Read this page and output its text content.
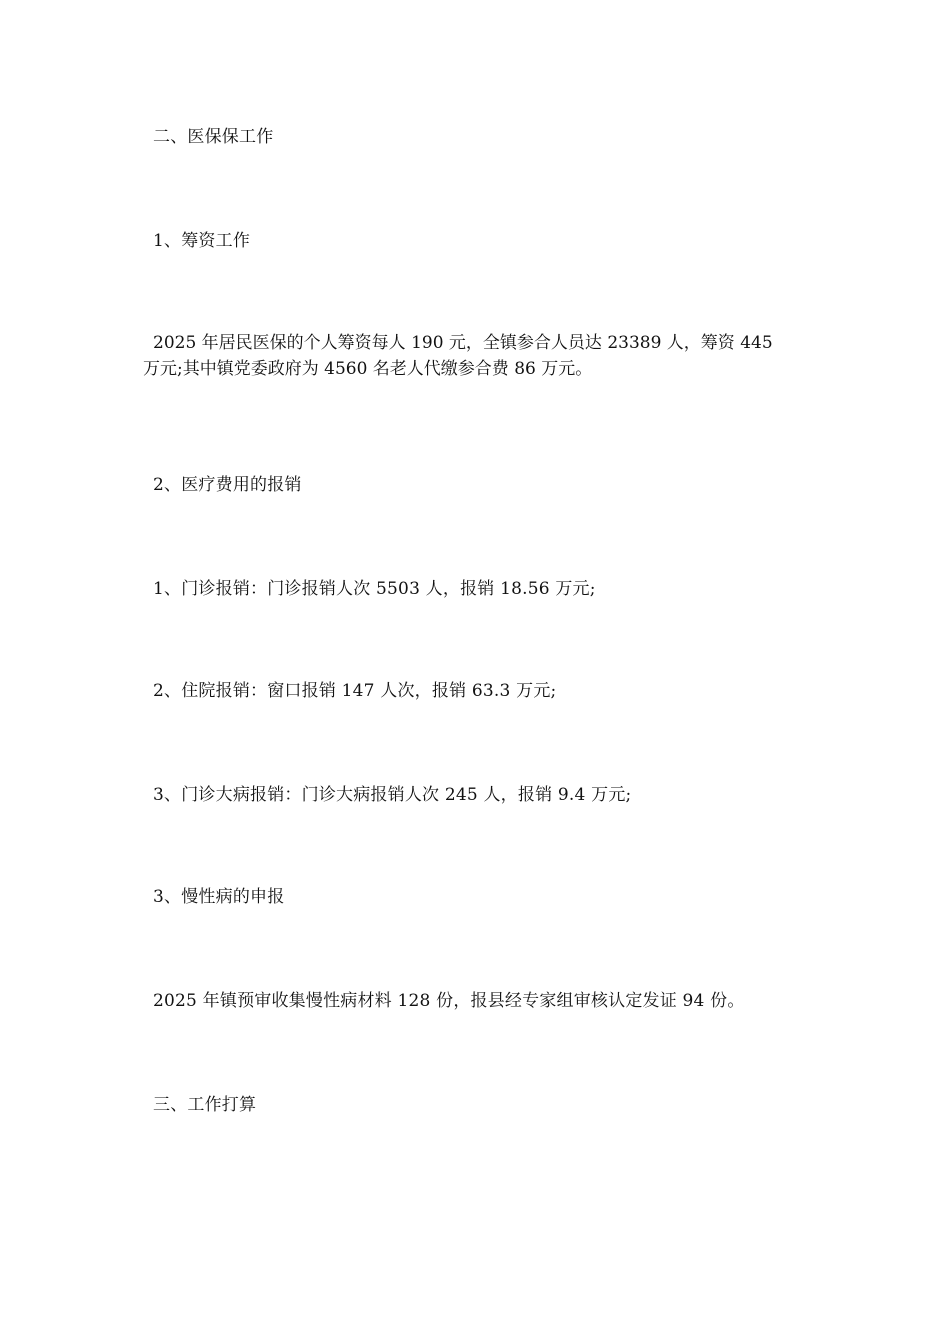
二、医保保工作
1、筹资工作
2025 年居民医保的个人筹资每人 190 元，全镇参合人员达 23389 人，筹资 445
万元;其中镇党委政府为 4560 名老人代缴参合费 86 万元。
2、医疗费用的报销
1、门诊报销：门诊报销人次 5503 人，报销 18.56 万元;
2、住院报销：窗口报销 147 人次，报销 63.3 万元;
3、门诊大病报销：门诊大病报销人次 245 人，报销 9.4 万元;
3、慢性病的申报
2025 年镇预审收集慢性病材料 128 份，报县经专家组审核认定发证 94 份。
三、工作打算
